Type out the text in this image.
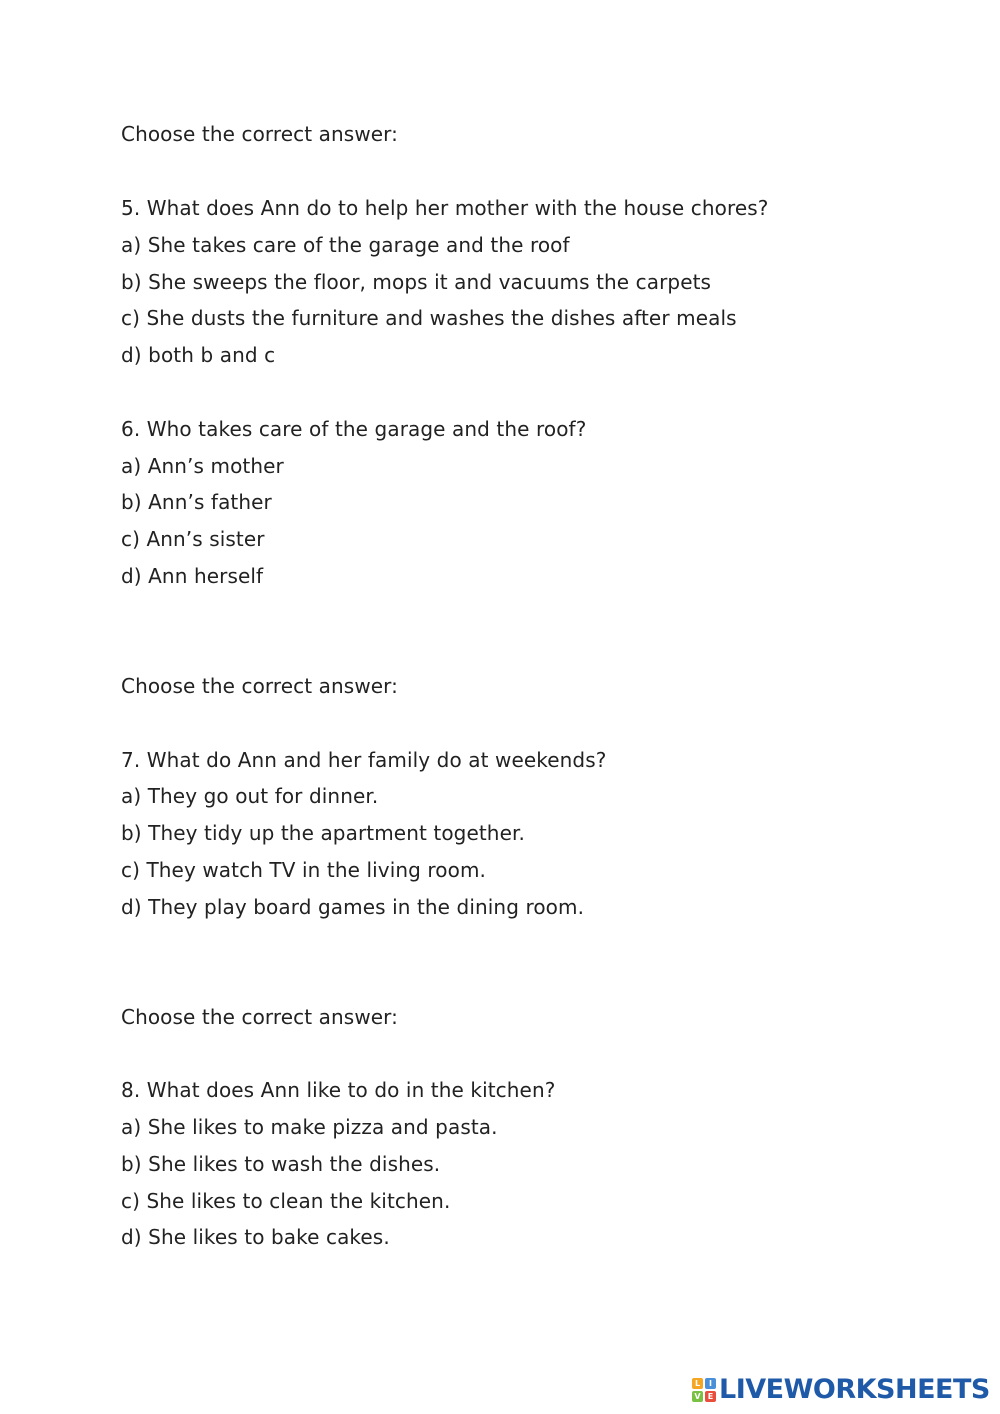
Choose the correct answer:
5. What does Ann do to help her mother with the house chores?
a) She takes care of the garage and the roof
b) She sweeps the floor, mops it and vacuums the carpets
c) She dusts the furniture and washes the dishes after meals
d) both b and c
6. Who takes care of the garage and the roof?
a) Ann’s mother
b) Ann’s father
c) Ann’s sister
d) Ann herself
Choose the correct answer:
7. What do Ann and her family do at weekends?
a) They go out for dinner.
b) They tidy up the apartment together.
c) They watch TV in the living room.
d) They play board games in the dining room.
Choose the correct answer:
8. What does Ann like to do in the kitchen?
a) She likes to make pizza and pasta.
b) She likes to wash the dishes.
c) She likes to clean the kitchen.
d) She likes to bake cakes.
L	I
V E LIVEWORKSHEETS
